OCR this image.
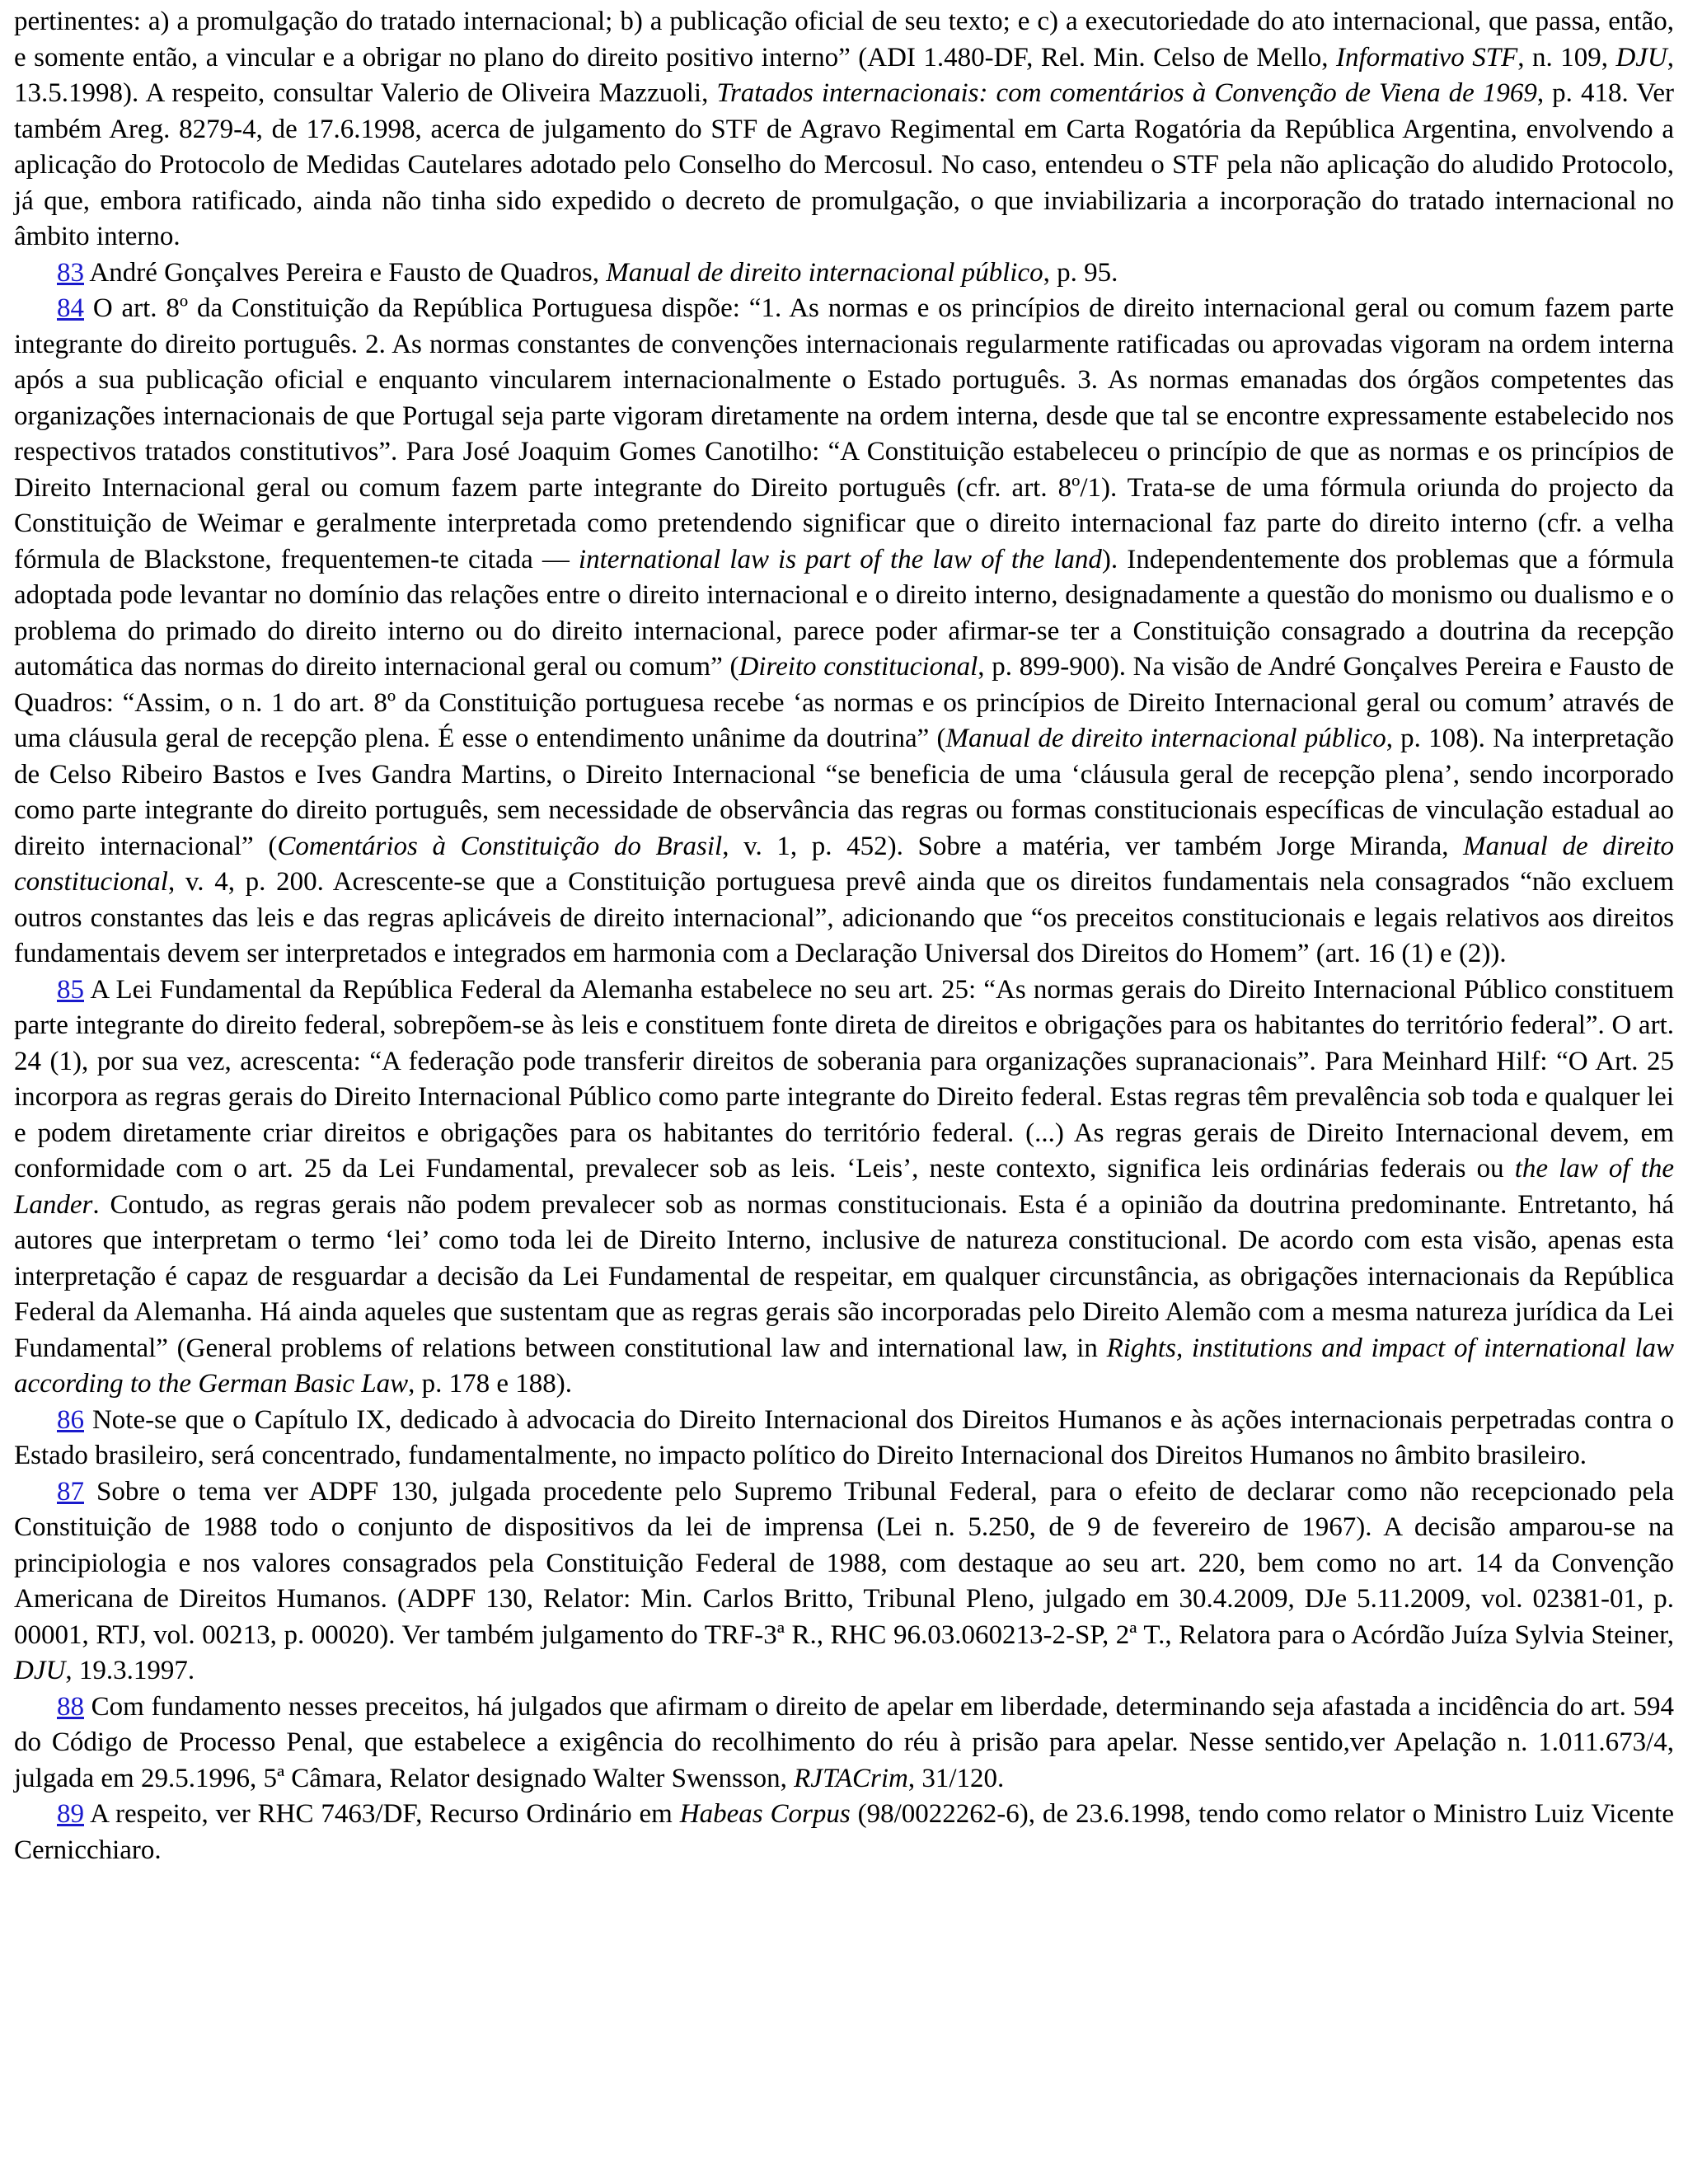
pertinentes: a) a promulgação do tratado internacional; b) a publicação oficial de seu texto; e c) a executoriedade do ato internacional, que passa, então, e somente então, a vincular e a obrigar no plano do direito positivo interno” (ADI 1.480-DF, Rel. Min. Celso de Mello, Informativo STF, n. 109, DJU, 13.5.1998). A respeito, consultar Valerio de Oliveira Mazzuoli, Tratados internacionais: com comentários à Convenção de Viena de 1969, p. 418. Ver também Areg. 8279-4, de 17.6.1998, acerca de julgamento do STF de Agravo Regimental em Carta Rogatória da República Argentina, envolvendo a aplicação do Protocolo de Medidas Cautelares adotado pelo Conselho do Mercosul. No caso, entendeu o STF pela não aplicação do aludido Protocolo, já que, embora ratificado, ainda não tinha sido expedido o decreto de promulgação, o que inviabilizaria a incorporação do tratado internacional no âmbito interno.

83 André Gonçalves Pereira e Fausto de Quadros, Manual de direito internacional público, p. 95.

84 O art. 8º da Constituição da República Portuguesa dispõe: “1. As normas e os princípios de direito internacional geral ou comum fazem parte integrante do direito português. 2. As normas constantes de convenções internacionais regularmente ratificadas ou aprovadas vigoram na ordem interna após a sua publicação oficial e enquanto vincularem internacionalmente o Estado português. 3. As normas emanadas dos órgãos competentes das organizações internacionais de que Portugal seja parte vigoram diretamente na ordem interna, desde que tal se encontre expressamente estabelecido nos respectivos tratados constitutivos”. Para José Joaquim Gomes Canotilho: “A Constituição estabeleceu o princípio de que as normas e os princípios de Direito Internacional geral ou comum fazem parte integrante do Direito português (cfr. art. 8º/1). Trata-se de uma fórmula oriunda do projecto da Constituição de Weimar e geralmente interpretada como pretendendo significar que o direito internacional faz parte do direito interno (cfr. a velha fórmula de Blackstone, frequentemen-te citada — international law is part of the law of the land). Independentemente dos problemas que a fórmula adoptada pode levantar no domínio das relações entre o direito internacional e o direito interno, designadamente a questão do monismo ou dualismo e o problema do primado do direito interno ou do direito internacional, parece poder afirmar-se ter a Constituição consagrado a doutrina da recepção automática das normas do direito internacional geral ou comum” (Direito constitucional, p. 899-900). Na visão de André Gonçalves Pereira e Fausto de Quadros: “Assim, o n. 1 do art. 8º da Constituição portuguesa recebe ‘as normas e os princípios de Direito Internacional geral ou comum’ através de uma cláusula geral de recepção plena. É esse o entendimento unânime da doutrina” (Manual de direito internacional público, p. 108). Na interpretação de Celso Ribeiro Bastos e Ives Gandra Martins, o Direito Internacional “se beneficia de uma ‘cláusula geral de recepção plena’, sendo incorporado como parte integrante do direito português, sem necessidade de observância das regras ou formas constitucionais específicas de vinculação estadual ao direito internacional” (Comentários à Constituição do Brasil, v. 1, p. 452). Sobre a matéria, ver também Jorge Miranda, Manual de direito constitucional, v. 4, p. 200. Acrescente-se que a Constituição portuguesa prevê ainda que os direitos fundamentais nela consagrados “não excluem outros constantes das leis e das regras aplicáveis de direito internacional”, adicionando que “os preceitos constitucionais e legais relativos aos direitos fundamentais devem ser interpretados e integrados em harmonia com a Declaração Universal dos Direitos do Homem” (art. 16 (1) e (2)).

85 A Lei Fundamental da República Federal da Alemanha estabelece no seu art. 25: “As normas gerais do Direito Internacional Público constituem parte integrante do direito federal, sobrepõem-se às leis e constituem fonte direta de direitos e obrigações para os habitantes do território federal”. O art. 24 (1), por sua vez, acrescenta: “A federação pode transferir direitos de soberania para organizações supranacionais”. Para Meinhard Hilf: “O Art. 25 incorpora as regras gerais do Direito Internacional Público como parte integrante do Direito federal. Estas regras têm prevalência sob toda e qualquer lei e podem diretamente criar direitos e obrigações para os habitantes do território federal. (...) As regras gerais de Direito Internacional devem, em conformidade com o art. 25 da Lei Fundamental, prevalecer sob as leis. ‘Leis’, neste contexto, significa leis ordinárias federais ou the law of the Lander. Contudo, as regras gerais não podem prevalecer sob as normas constitucionais. Esta é a opinião da doutrina predominante. Entretanto, há autores que interpretam o termo ‘lei’ como toda lei de Direito Interno, inclusive de natureza constitucional. De acordo com esta visão, apenas esta interpretação é capaz de resguardar a decisão da Lei Fundamental de respeitar, em qualquer circunstância, as obrigações internacionais da República Federal da Alemanha. Há ainda aqueles que sustentam que as regras gerais são incorporadas pelo Direito Alemão com a mesma natureza jurídica da Lei Fundamental” (General problems of relations between constitutional law and international law, in Rights, institutions and impact of international law according to the German Basic Law, p. 178 e 188).

86 Note-se que o Capítulo IX, dedicado à advocacia do Direito Internacional dos Direitos Humanos e às ações internacionais perpetradas contra o Estado brasileiro, será concentrado, fundamentalmente, no impacto político do Direito Internacional dos Direitos Humanos no âmbito brasileiro.

87 Sobre o tema ver ADPF 130, julgada procedente pelo Supremo Tribunal Federal, para o efeito de declarar como não recepcionado pela Constituição de 1988 todo o conjunto de dispositivos da lei de imprensa (Lei n. 5.250, de 9 de fevereiro de 1967). A decisão amparou-se na principiologia e nos valores consagrados pela Constituição Federal de 1988, com destaque ao seu art. 220, bem como no art. 14 da Convenção Americana de Direitos Humanos. (ADPF 130, Relator: Min. Carlos Britto, Tribunal Pleno, julgado em 30.4.2009, DJe 5.11.2009, vol. 02381-01, p. 00001, RTJ, vol. 00213, p. 00020). Ver também julgamento do TRF-3ª R., RHC 96.03.060213-2-SP, 2ª T., Relatora para o Acórdão Juíza Sylvia Steiner, DJU, 19.3.1997.

88 Com fundamento nesses preceitos, há julgados que afirmam o direito de apelar em liberdade, determinando seja afastada a incidência do art. 594 do Código de Processo Penal, que estabelece a exigência do recolhimento do réu à prisão para apelar. Nesse sentido,ver Apelação n. 1.011.673/4, julgada em 29.5.1996, 5ª Câmara, Relator designado Walter Swensson, RJTACrim, 31/120.

89 A respeito, ver RHC 7463/DF, Recurso Ordinário em Habeas Corpus (98/0022262-6), de 23.6.1998, tendo como relator o Ministro Luiz Vicente Cernicchiaro.
